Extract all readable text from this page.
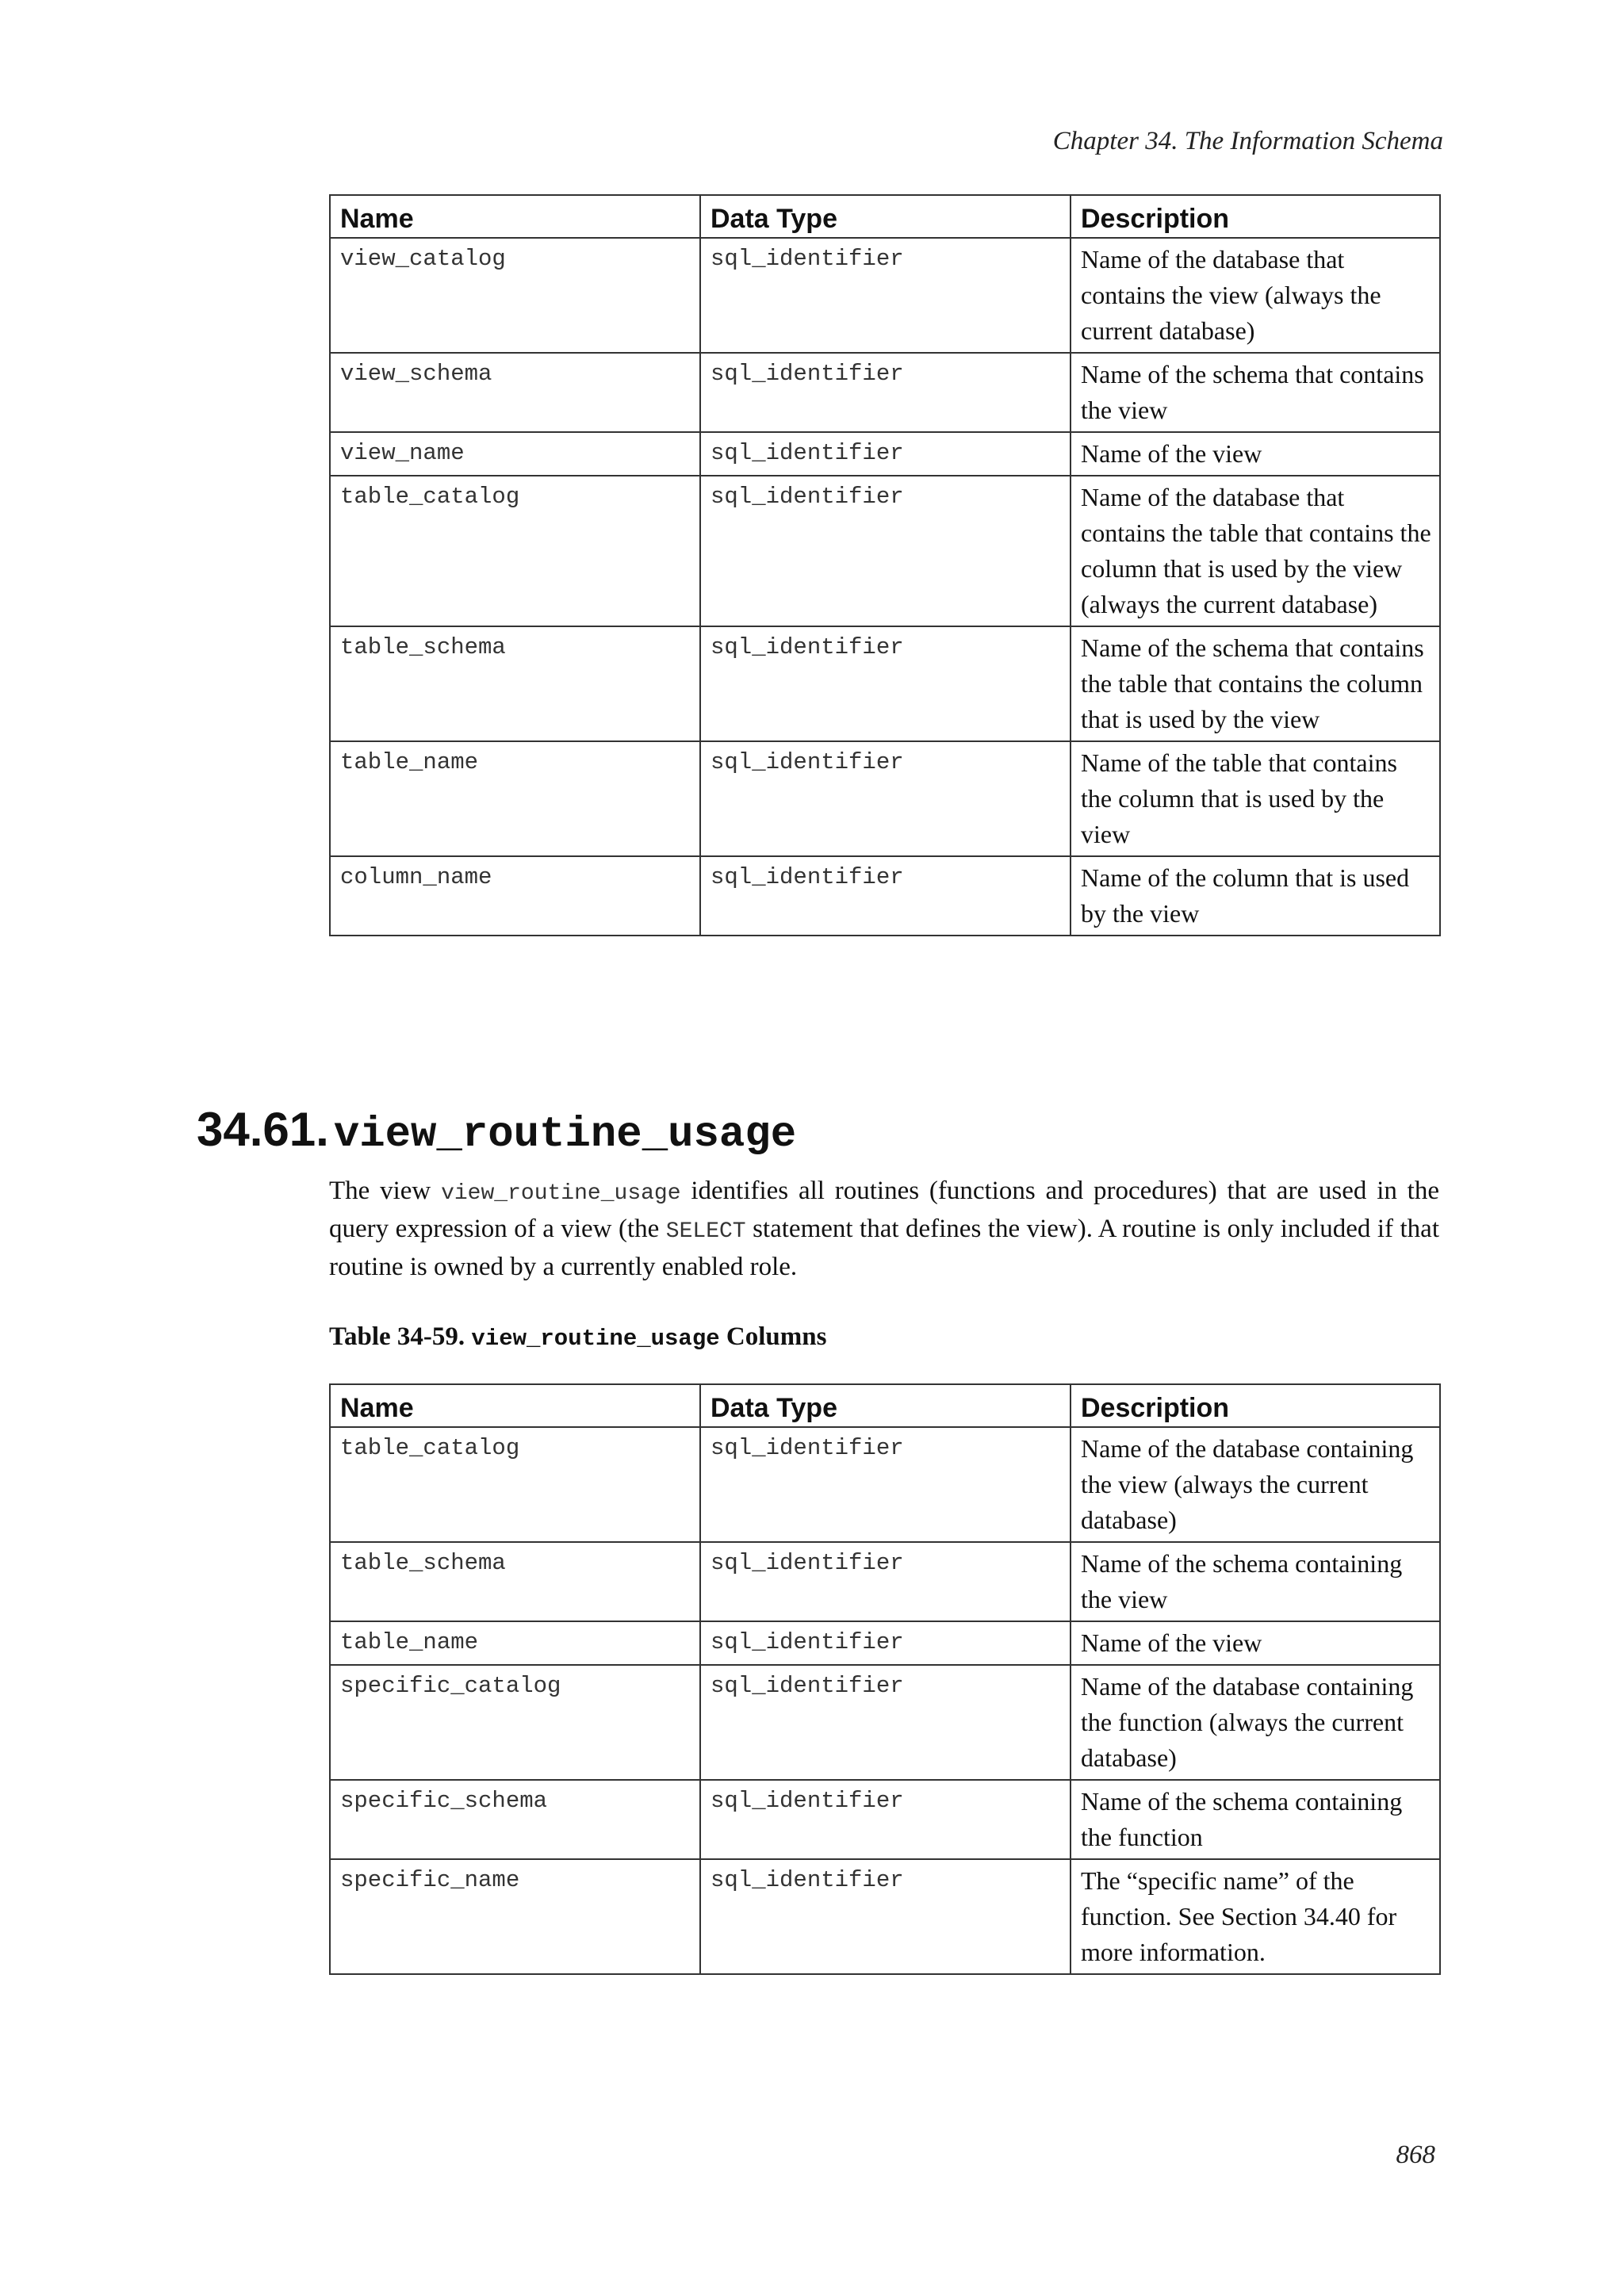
Chapter 34. The Information Schema
Name	Data Type	Description
view_catalog	sql_identifier	Name of the database that contains the view (always the current database)
view_schema	sql_identifier	Name of the schema that contains the view
view_name	sql_identifier	Name of the view
table_catalog	sql_identifier	Name of the database that contains the table that contains the column that is used by the view (always the current database)
table_schema	sql_identifier	Name of the schema that contains the table that contains the column that is used by the view
table_name	sql_identifier	Name of the table that contains the column that is used by the view
column_name	sql_identifier	Name of the column that is used by the view
34.61. view_routine_usage

The view view_routine_usage identifies all routines (functions and procedures) that are used in the query expression of a view (the SELECT statement that defines the view). A routine is only included if that routine is owned by a currently enabled role.

Table 34-59. view_routine_usage Columns

Name	Data Type	Description
table_catalog	sql_identifier	Name of the database containing the view (always the current database)
table_schema	sql_identifier	Name of the schema containing the view
table_name	sql_identifier	Name of the view
specific_catalog	sql_identifier	Name of the database containing the function (always the current database)
specific_schema	sql_identifier	Name of the schema containing the function
specific_name	sql_identifier	The “specific name” of the function. See Section 34.40 for more information.
868
